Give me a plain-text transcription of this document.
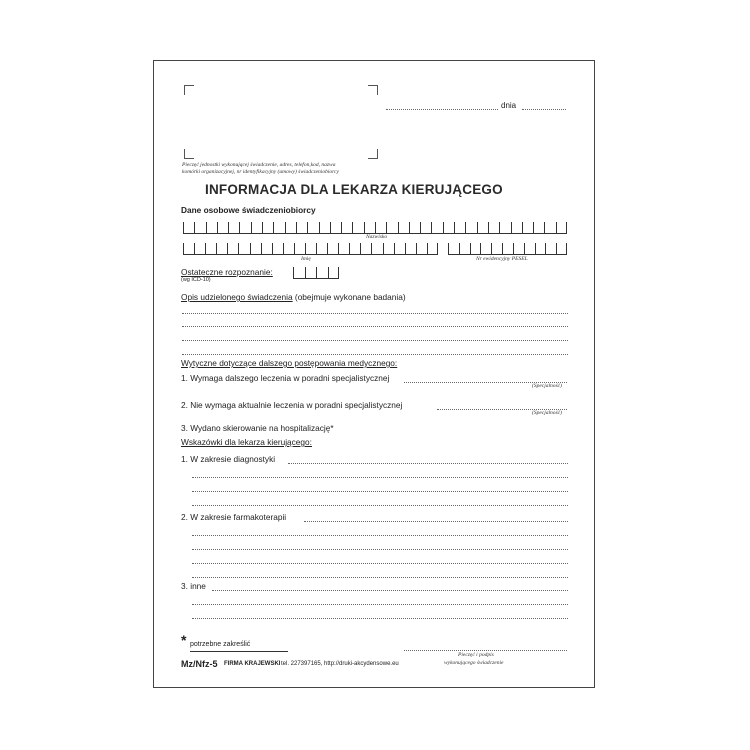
dnia
Pieczęć jednostki wykonującej świadczenie, adres, telefon,kod, nazwa
komórki organizacyjnej, nr identyfikacyjny (umowy) świadczeniobiorcy
INFORMACJA DLA LEKARZA KIERUJĄCEGO
Dane osobowe świadczeniobiorcy
Nazwisko
Imię	Nr ewidencyjny PESEL
Ostateczne rozpoznanie:
(wg ICD-10)
Opis udzielonego świadczenia (obejmuje wykonane badania)
Wytyczne dotyczące dalszego postępowania medycznego:
1. Wymaga dalszego leczenia w poradni specjalistycznej
(Specjalność)
2. Nie wymaga aktualnie leczenia w poradni specjalistycznej
(Specjalność)
3. Wydano skierowanie na hospitalizację*
Wskazówki dla lekarza kierującego:
1. W zakresie diagnostyki
2. W zakresie farmakoterapii
3. inne
* potrzebne zakreślić
Pieczęć i podpis
wykonującego świadczenie
Mz/Nfz-5 FIRMA KRAJEWSKI tel. 227397165, http://druki-akcydensowe.eu
